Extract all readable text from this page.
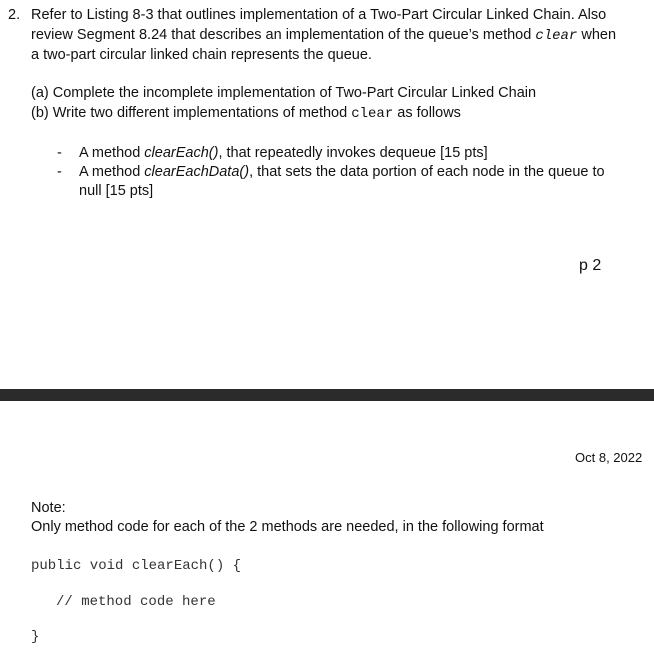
2. Refer to Listing 8-3 that outlines implementation of a Two-Part Circular Linked Chain. Also
review Segment 8.24 that describes an implementation of the queue’s method clear when
a two-part circular linked chain represents the queue.
(a) Complete the incomplete implementation of Two-Part Circular Linked Chain
(b) Write two different implementations of method clear as follows
- A method clearEach(), that repeatedly invokes dequeue [15 pts]
- A method clearEachData(), that sets the data portion of each node in the queue to
null [15 pts]
p 2
Oct 8, 2022
Note:
Only method code for each of the 2 methods are needed, in the following format
public void clearEach() {
// method code here
}
